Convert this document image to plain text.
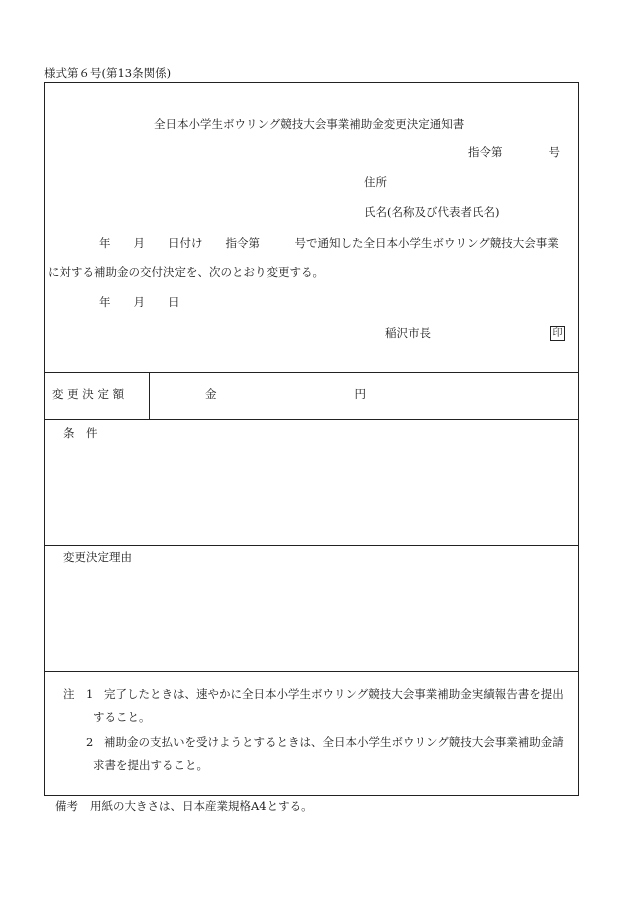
様式第６号(第13条関係)
全日本小学生ボウリング競技大会事業補助金変更決定通知書
指令第　　　　号
住所
氏名(名称及び代表者氏名)
年　　月　　日付け　　指令第　　　号で通知した全日本小学生ボウリング競技大会事業
に対する補助金の交付決定を、次のとおり変更する。
年　　月　　日
稲沢市長	印
変 更 決 定 額	金　　　　　　　　　　　　円
条　件
変更決定理由
注 1 完了したときは、速やかに全日本小学生ボウリング競技大会事業補助金実績報告書を提出
すること。
2 補助金の支払いを受けようとするときは、全日本小学生ボウリング競技大会事業補助金請
求書を提出すること。
備考 用紙の大きさは、日本産業規格A4とする。
